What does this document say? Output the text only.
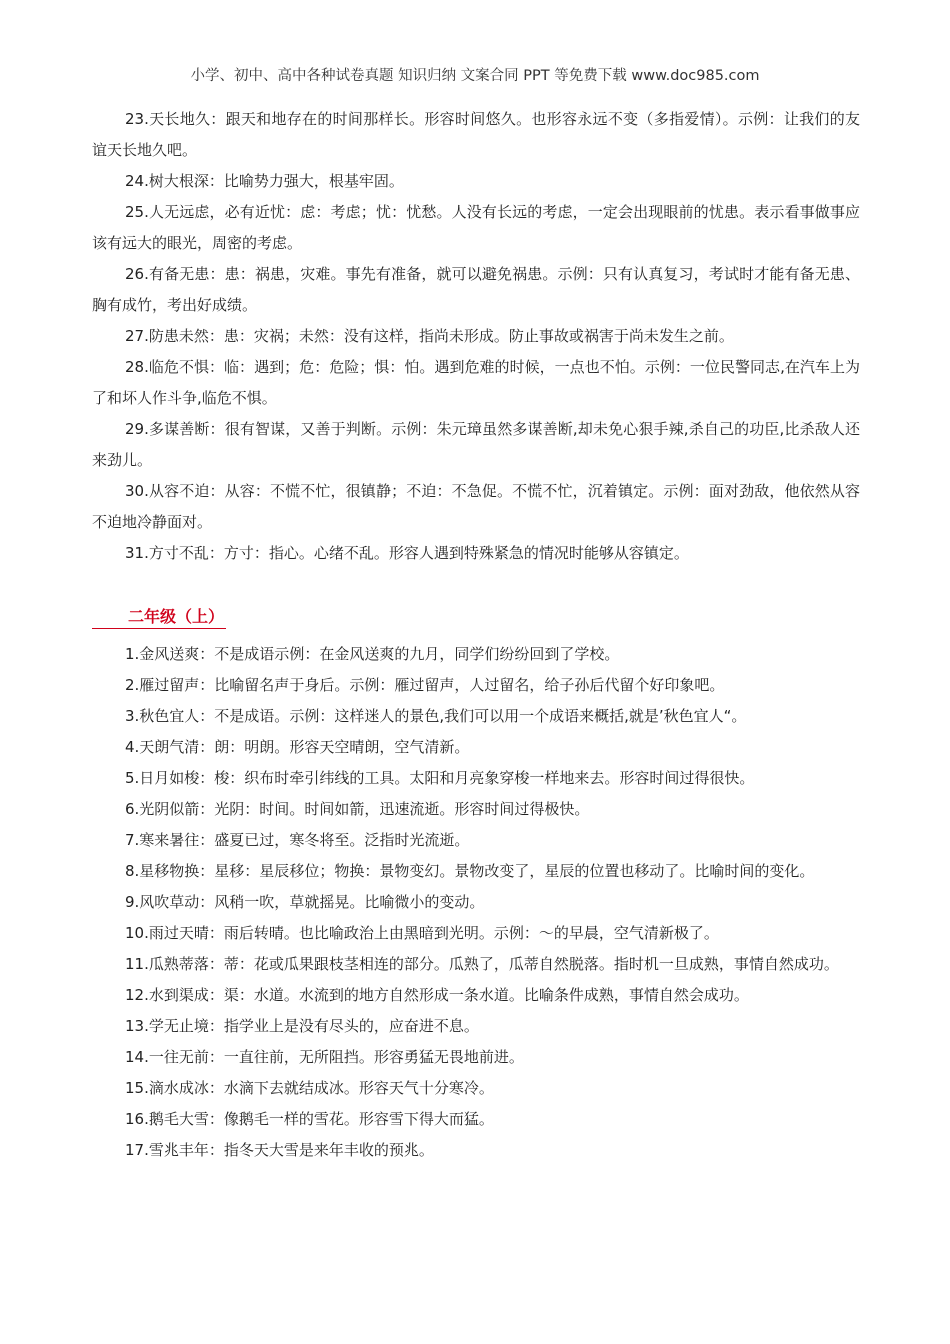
小学、初中、高中各种试卷真题 知识归纳 文案合同 PPT 等免费下载 www.doc985.com

23.天长地久：跟天和地存在的时间那样长。形容时间悠久。也形容永远不变（多指爱情）。示例：让我们的友谊天长地久吧。

24.树大根深：比喻势力强大，根基牢固。

25.人无远虑，必有近忧：虑：考虑；忧：忧愁。人没有长远的考虑，一定会出现眼前的忧患。表示看事做事应该有远大的眼光，周密的考虑。

26.有备无患：患：祸患，灾难。事先有准备，就可以避免祸患。示例：只有认真复习，考试时才能有备无患、胸有成竹，考出好成绩。

27.防患未然：患：灾祸；未然：没有这样，指尚未形成。防止事故或祸害于尚未发生之前。

28.临危不惧：临：遇到；危：危险；惧：怕。遇到危难的时候，一点也不怕。示例：一位民警同志,在汽车上为了和坏人作斗争,临危不惧。

29.多谋善断：很有智谋，又善于判断。示例：朱元璋虽然多谋善断,却未免心狠手辣,杀自己的功臣,比杀敌人还来劲儿。

30.从容不迫：从容：不慌不忙，很镇静；不迫：不急促。不慌不忙，沉着镇定。示例：面对劲敌，他依然从容不迫地冷静面对。

31.方寸不乱：方寸：指心。心绪不乱。形容人遇到特殊紧急的情况时能够从容镇定。

二年级（上）

1.金风送爽：不是成语示例：在金风送爽的九月，同学们纷纷回到了学校。

2.雁过留声：比喻留名声于身后。示例：雁过留声，人过留名，给子孙后代留个好印象吧。

3.秋色宜人：不是成语。示例：这样迷人的景色,我们可以用一个成语来概括,就是’秋色宜人“。

4.天朗气清：朗：明朗。形容天空晴朗，空气清新。

5.日月如梭：梭：织布时牵引纬线的工具。太阳和月亮象穿梭一样地来去。形容时间过得很快。

6.光阴似箭：光阴：时间。时间如箭，迅速流逝。形容时间过得极快。

7.寒来暑往：盛夏已过，寒冬将至。泛指时光流逝。

8.星移物换：星移：星辰移位；物换：景物变幻。景物改变了，星辰的位置也移动了。比喻时间的变化。

9.风吹草动：风稍一吹，草就摇晃。比喻微小的变动。

10.雨过天晴：雨后转晴。也比喻政治上由黑暗到光明。示例：～的早晨，空气清新极了。

11.瓜熟蒂落：蒂：花或瓜果跟枝茎相连的部分。瓜熟了，瓜蒂自然脱落。指时机一旦成熟，事情自然成功。

12.水到渠成：渠：水道。水流到的地方自然形成一条水道。比喻条件成熟，事情自然会成功。

13.学无止境：指学业上是没有尽头的，应奋进不息。

14.一往无前：一直往前，无所阻挡。形容勇猛无畏地前进。

15.滴水成冰：水滴下去就结成冰。形容天气十分寒冷。

16.鹅毛大雪：像鹅毛一样的雪花。形容雪下得大而猛。

17.雪兆丰年：指冬天大雪是来年丰收的预兆。
